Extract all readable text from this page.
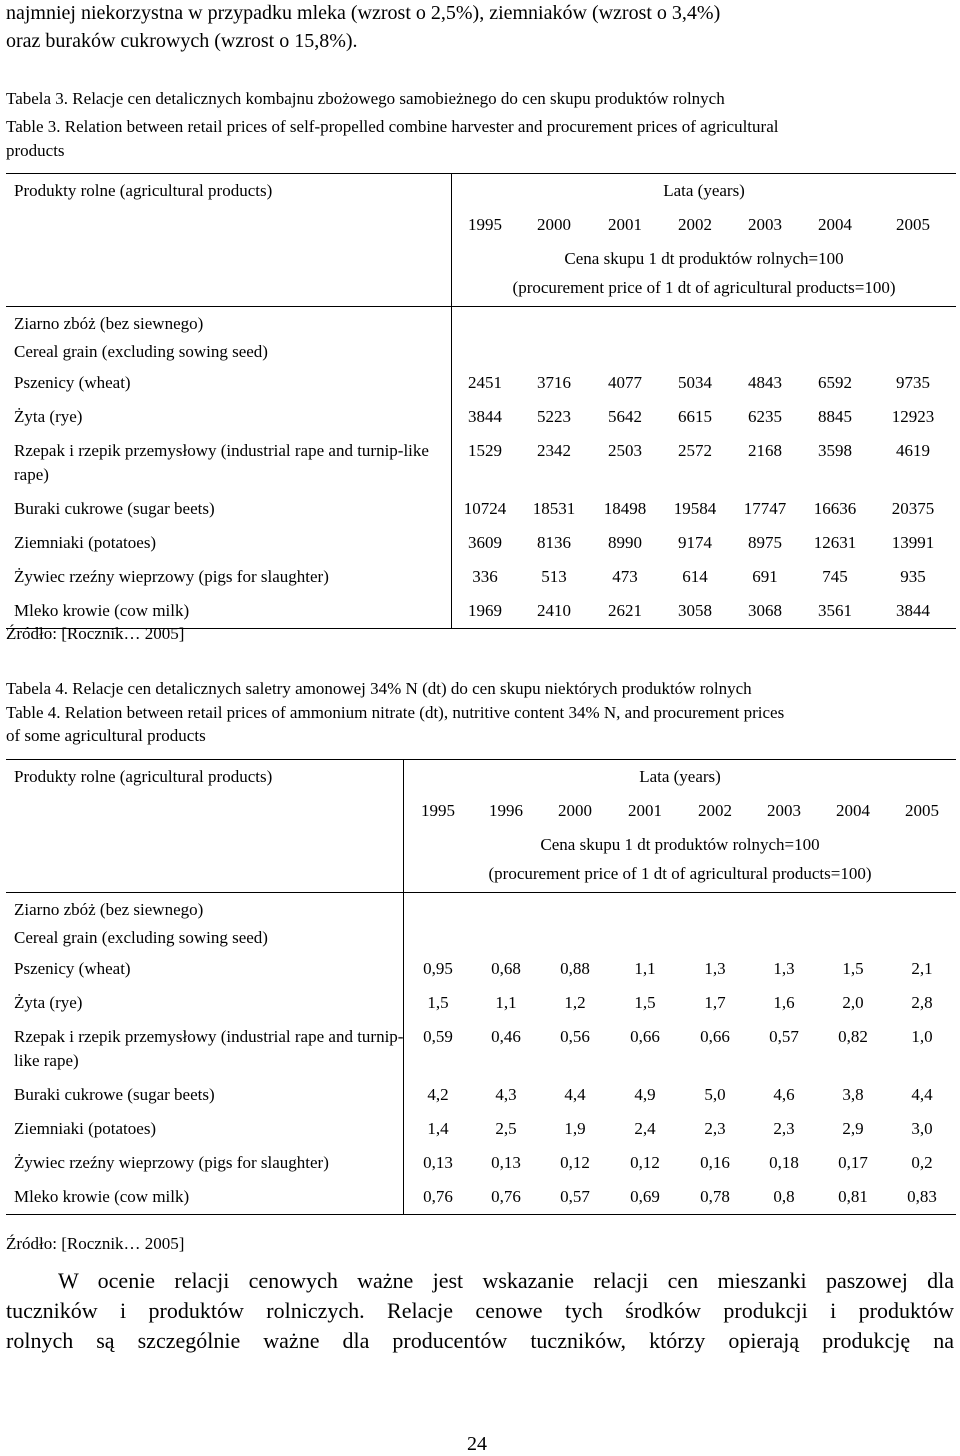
najmniej niekorzystna w przypadku mleka (wzrost o 2,5%), ziemniaków (wzrost o 3,4%)
oraz buraków cukrowych (wzrost o 15,8%).
Tabela 3. Relacje cen detalicznych kombajnu zbożowego samobieżnego do cen skupu produktów rolnych
Table 3. Relation between retail prices of self-propelled combine harvester and procurement prices of agricultural
products
Produkty rolne (agricultural products)	Lata (years)						
	1995	2000	2001	2002	2003	2004	2005
	Cena skupu 1 dt produktów rolnych=100						
	(procurement price of 1 dt of agricultural products=100)						
Ziarno zbóż (bez siewnego)							
Cereal grain (excluding sowing seed)							
Pszenicy (wheat)	2451	3716	4077	5034	4843	6592	9735
Żyta (rye)	3844	5223	5642	6615	6235	8845	12923
Rzepak i rzepik przemysłowy (industrial rape and turnip-like rape)	1529	2342	2503	2572	2168	3598	4619
Buraki cukrowe (sugar beets)	10724	18531	18498	19584	17747	16636	20375
Ziemniaki (potatoes)	3609	8136	8990	9174	8975	12631	13991
Żywiec rzeźny wieprzowy (pigs for slaughter)	336	513	473	614	691	745	935
Mleko krowie (cow milk)	1969	2410	2621	3058	3068	3561	3844
Źródło: [Rocznik… 2005]
Tabela 4. Relacje cen detalicznych saletry amonowej 34% N (dt) do cen skupu niektórych produktów rolnych
Table 4. Relation between retail prices of ammonium nitrate (dt), nutritive content 34% N, and procurement prices
of some agricultural products
Produkty rolne (agricultural products)	Lata (years)							
	1995	1996	2000	2001	2002	2003	2004	2005
	Cena skupu 1 dt produktów rolnych=100							
	(procurement price of 1 dt of agricultural products=100)							
Ziarno zbóż (bez siewnego)								
Cereal grain (excluding sowing seed)								
Pszenicy (wheat)	0,95	0,68	0,88	1,1	1,3	1,3	1,5	2,1
Żyta (rye)	1,5	1,1	1,2	1,5	1,7	1,6	2,0	2,8
Rzepak i rzepik przemysłowy (industrial rape and turnip-like rape)	0,59	0,46	0,56	0,66	0,66	0,57	0,82	1,0
Buraki cukrowe (sugar beets)	4,2	4,3	4,4	4,9	5,0	4,6	3,8	4,4
Ziemniaki (potatoes)	1,4	2,5	1,9	2,4	2,3	2,3	2,9	3,0
Żywiec rzeźny wieprzowy (pigs for slaughter)	0,13	0,13	0,12	0,12	0,16	0,18	0,17	0,2
Mleko krowie (cow milk)	0,76	0,76	0,57	0,69	0,78	0,8	0,81	0,83
Źródło: [Rocznik… 2005]
W ocenie relacji cenowych ważne jest wskazanie relacji cen mieszanki paszowej dla
tuczników i produktów rolniczych. Relacje cenowe tych środków produkcji i produktów
rolnych są szczególnie ważne dla producentów tuczników, którzy opierają produkcję na
24
